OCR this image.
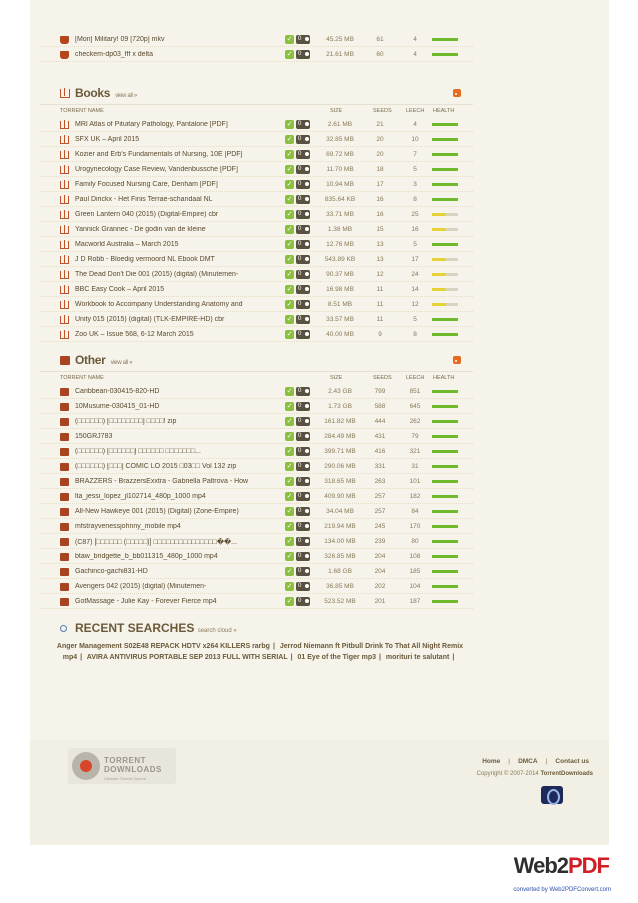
[Mori] Military! 09 [720p] mkv	✓ 0	45.25 MB	61	4
checkem-dp03_fff x delta	✓ 0	21.61 MB	60	4
Books view all »
TORRENT NAME	SIZE	SEEDS	LEECH HEALTH
MRI Atlas of Pituitary Pathology, Pantalone [PDF]	✓ 0	2.61 MB	21	4
SFX UK – April 2015	✓ 0	32.85 MB	20	10
Kozier and Erb's Fundamentals of Nursing, 10E [PDF]	✓ 0	69.72 MB	20	7
Urogynecology Case Review, Vandenbussche [PDF]	✓ 0	11.70 MB	18	5
Family Focused Nursing Care, Denham [PDF]	✓ 0	10.94 MB	17	3
Paul Dirickx - Het Finis Terrae-schandaal NL	✓ 0	835.64 KB	16	8
Green Lantern 040 (2015) (Digital-Empire) cbr	✓ 0	33.71 MB	16	25
Yannick Grannec - De godin van de kleine	✓ 0	1.38 MB	15	16
Macworld Australia – March 2015	✓ 0	12.76 MB	13	5
J D Robb - Bloedig vermoord NL Ebook DMT	✓ 0	543.89 KB	13	17
The Dead Don't Die 001 (2015) (digital) (Minutemen-	✓ 0	90.37 MB	12	24
BBC Easy Cook – April 2015	✓ 0	16.98 MB	11	14
Workbook to Accompany Understanding Anatomy and	✓ 0	8.51 MB	11	12
Unity 015 (2015) (digital) (TLK-EMPIRE-HD) cbr	✓ 0	33.57 MB	11	5
Zoo UK – Issue 568, 6-12 March 2015	✓ 0	40.00 MB	9	8
Other view all »
TORRENT NAME	SIZE	SEEDS	LEECH HEALTH
Caribbean-030415-820-HD	✓ 0	2.43 GB	799	851
10Musume-030415_01-HD	✓ 0	1.73 GB	588	645
(□□□□□□) [□□□□□□□□] □□□□! zip	✓ 0	161.82 MB	444	262
150GRJ783	✓ 0	284.49 MB	431	79
(□□□□□□) [□□□□□□] □□□□□□ □□□□□□□...	✓ 0	399.71 MB	416	321
(□□□□□□) [□□□] COMIC LO 2015 □03□□ Vol 132 zip	✓ 0	290.06 MB	331	31
BRAZZERS - BrazzersExxtra - Gabriella Paltrova - How	✓ 0	318.65 MB	263	101
lta_jessi_lopez_jl102714_480p_1000 mp4	✓ 0	409.90 MB	257	182
All-New Hawkeye 001 (2015) (Digital) (Zone-Empire)	✓ 0	34.04 MB	257	84
mfstrayvenessjohnny_mobile mp4	✓ 0	219.94 MB	245	170
(C87) [□□□□□□ (□□□□□)] □□□□□□□□□□□□□□□��...	✓ 0	134.00 MB	239	80
btaw_bridgette_b_bb011315_480p_1000 mp4	✓ 0	326.85 MB	204	108
Gachinco-gachi831-HD	✓ 0	1.68 GB	204	185
Avengers 042 (2015) (digital) (Minutemen-	✓ 0	36.85 MB	202	104
GotMassage - Julie Kay - Forever Fierce mp4	✓ 0	523.52 MB	201	187
RECENT SEARCHES search cloud »
Anger Management S02E48 REPACK HDTV x264 KILLERS rarbg | Jerrod Niemann ft Pitbull Drink To That All Night Remix mp4 | AVIRA ANTIVIRUS PORTABLE SEP 2013 FULL WITH SERIAL | 01 Eye of the Tiger mp3 | morituri te salutant |
TORRENT
DOWNLOADS
Ultimate Torrent Source
Home | DMCA | Contact us
Copyright © 2007-2014 TorrentDownloads
Web2PDF
converted by Web2PDFConvert.com
